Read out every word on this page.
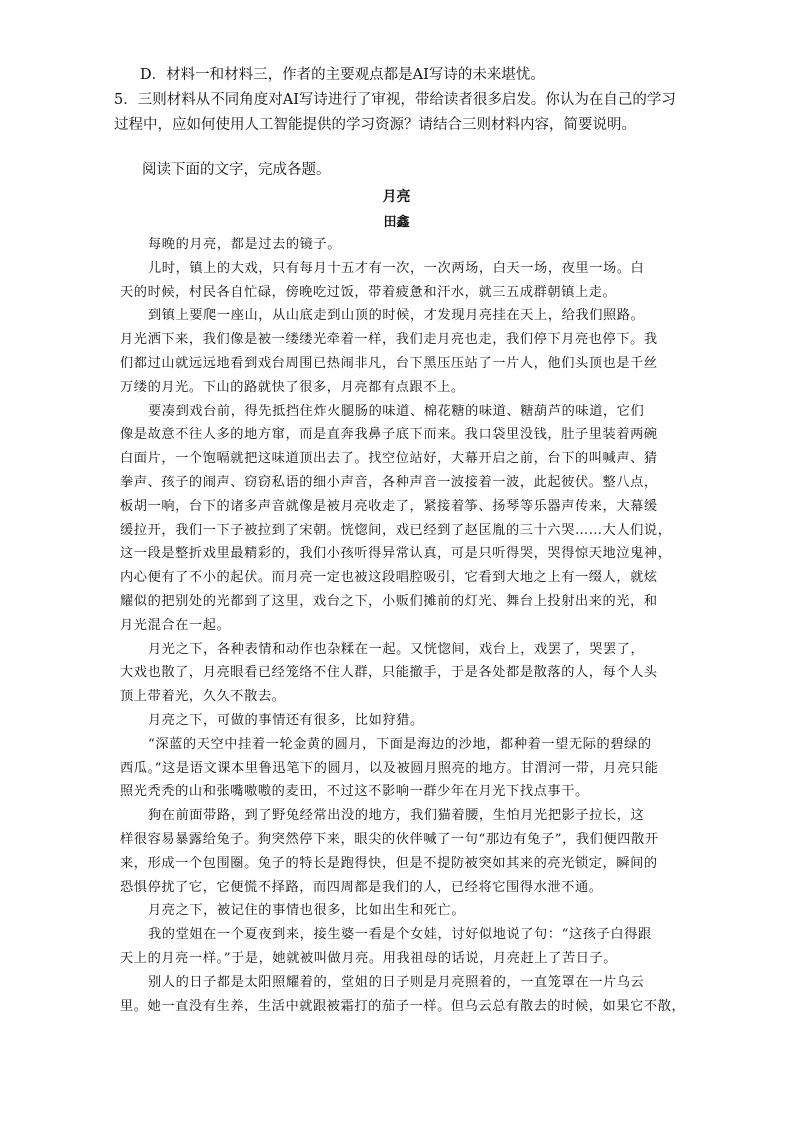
D．材料一和材料三，作者的主要观点都是AI写诗的未来堪忧。
5．三则材料从不同角度对AI写诗进行了审视，带给读者很多启发。你认为在自己的学习
过程中，应如何使用人工智能提供的学习资源？请结合三则材料内容，简要说明。
阅读下面的文字，完成各题。
月亮
田鑫
每晚的月亮，都是过去的镜子。
儿时，镇上的大戏，只有每月十五才有一次，一次两场，白天一场，夜里一场。白
天的时候，村民各自忙碌，傍晚吃过饭，带着疲惫和汗水，就三五成群朝镇上走。
到镇上要爬一座山，从山底走到山顶的时候，才发现月亮挂在天上，给我们照路。
月光洒下来，我们像是被一缕缕光牵着一样，我们走月亮也走，我们停下月亮也停下。我
们都过山就远远地看到戏台周围已热闹非凡，台下黑压压站了一片人，他们头顶也是千丝
万缕的月光。下山的路就快了很多，月亮都有点跟不上。
要凑到戏台前，得先抵挡住炸火腿肠的味道、棉花糖的味道、糖葫芦的味道，它们
像是故意不往人多的地方窜，而是直奔我鼻子底下而来。我口袋里没钱，肚子里装着两碗
白面片，一个饱嗝就把这味道顶出去了。找空位站好，大幕开启之前，台下的叫喊声、猜
拳声、孩子的闹声、窃窃私语的细小声音，各种声音一波接着一波，此起彼伏。整八点，
板胡一响，台下的诸多声音就像是被月亮收走了，紧接着筝、扬琴等乐器声传来，大幕缓
缓拉开，我们一下子被拉到了宋朝。恍惚间，戏已经到了赵匡胤的三十六哭……大人们说，
这一段是整折戏里最精彩的，我们小孩听得异常认真，可是只听得哭，哭得惊天地泣鬼神，
内心便有了不小的起伏。而月亮一定也被这段唱腔吸引，它看到大地之上有一缀人，就炫
耀似的把别处的光都到了这里，戏台之下，小贩们摊前的灯光、舞台上投射出来的光，和
月光混合在一起。
月光之下，各种表情和动作也杂糅在一起。又恍惚间，戏台上，戏罢了，哭罢了，
大戏也散了，月亮眼看已经笼络不住人群，只能撤手，于是各处都是散落的人，每个人头
顶上带着光，久久不散去。
月亮之下，可做的事情还有很多，比如狩猎。
“深蓝的天空中挂着一轮金黄的圆月，下面是海边的沙地，都种着一望无际的碧绿的
西瓜。”这是语文课本里鲁迅笔下的圆月，以及被圆月照亮的地方。甘渭河一带，月亮只能
照光秃秃的山和张嘴嗷嗷的麦田，不过这不影响一群少年在月光下找点事干。
狗在前面带路，到了野兔经常出没的地方，我们猫着腰，生怕月光把影子拉长，这
样很容易暴露给兔子。狗突然停下来，眼尖的伙伴喊了一句“那边有兔子”，我们便四散开
来，形成一个包围圈。兔子的特长是跑得快，但是不提防被突如其来的亮光锁定，瞬间的
恐惧停扰了它，它便慌不择路，而四周都是我们的人，已经将它围得水泄不通。
月亮之下，被记住的事情也很多，比如出生和死亡。
我的堂姐在一个夏夜到来，接生婆一看是个女娃，讨好似地说了句：“这孩子白得跟
天上的月亮一样。”于是，她就被叫做月亮。用我祖母的话说，月亮赶上了苦日子。
别人的日子都是太阳照耀着的，堂姐的日子则是月亮照着的，一直笼罩在一片乌云
里。她一直没有生养，生活中就跟被霜打的茄子一样。但乌云总有散去的时候，如果它不散，
